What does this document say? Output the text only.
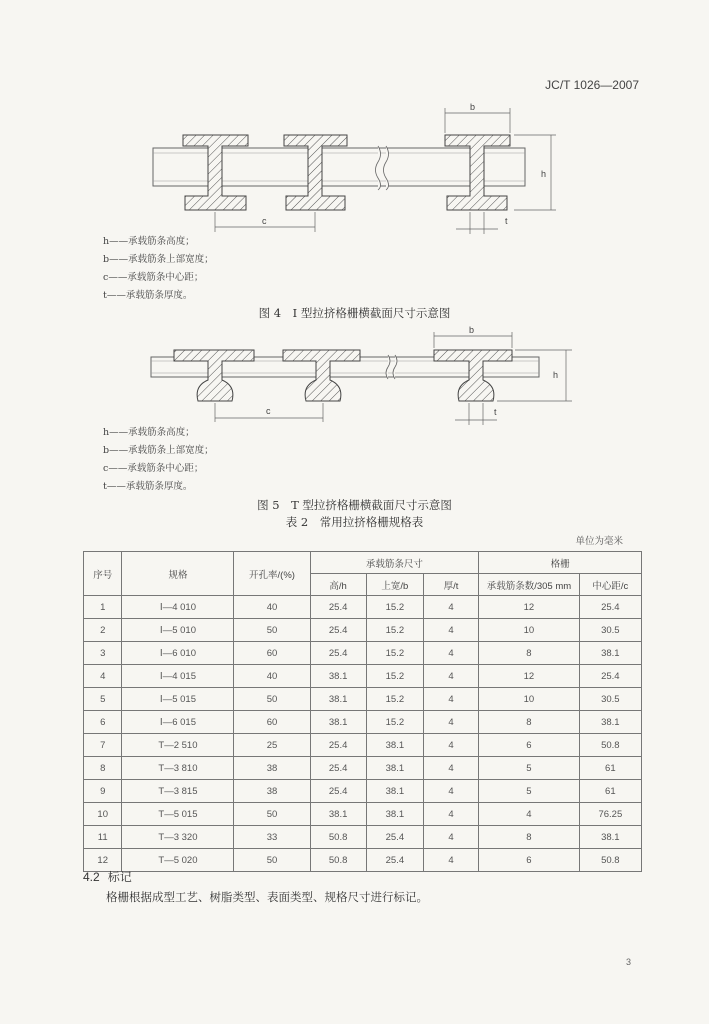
JC/T 1026—2007
b
h
c	t
h——承载筋条高度；
b——承载筋条上部宽度；
c——承载筋条中心距；
t——承载筋条厚度。
图 4　I 型拉挤格栅横截面尺寸示意图
b
h
c	t
h——承载筋条高度；
b——承载筋条上部宽度；
c——承载筋条中心距；
t——承载筋条厚度。
图 5　T 型拉挤格栅横截面尺寸示意图
表 2　常用拉挤格栅规格表
单位为毫米
序号	规格	开孔率/(%)	承载筋条尺寸			格栅	
			高/h	上宽/b	厚/t	承载筋条数/305 mm	中心距/c
1	Ⅰ—4 010	40	25.4	15.2	4	12	25.4
2	Ⅰ—5 010	50	25.4	15.2	4	10	30.5
3	Ⅰ—6 010	60	25.4	15.2	4	8	38.1
4	Ⅰ—4 015	40	38.1	15.2	4	12	25.4
5	Ⅰ—5 015	50	38.1	15.2	4	10	30.5
6	Ⅰ—6 015	60	38.1	15.2	4	8	38.1
7	T—2 510	25	25.4	38.1	4	6	50.8
8	T—3 810	38	25.4	38.1	4	5	61
9	T—3 815	38	25.4	38.1	4	5	61
10	T—5 015	50	38.1	38.1	4	4	76.25
11	T—3 320	33	50.8	25.4	4	8	38.1
12	T—5 020	50	50.8	25.4	4	6	50.8
4.2 标记
格栅根据成型工艺、树脂类型、表面类型、规格尺寸进行标记。
3
